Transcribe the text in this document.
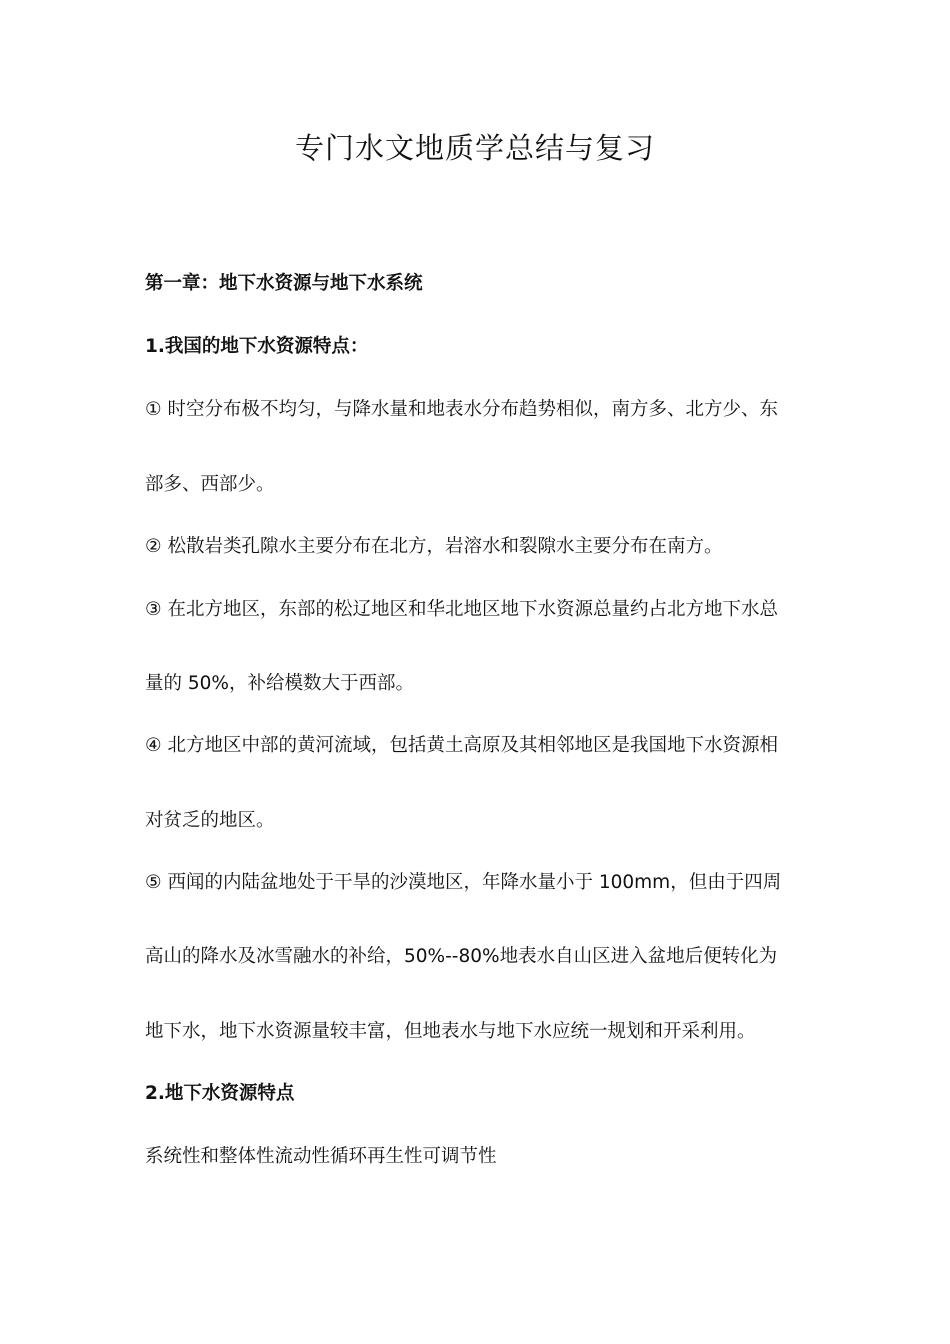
专门水文地质学总结与复习
第一章：地下水资源与地下水系统
1.我国的地下水资源特点：
① 时空分布极不均匀，与降水量和地表水分布趋势相似，南方多、北方少、东
部多、西部少。
② 松散岩类孔隙水主要分布在北方，岩溶水和裂隙水主要分布在南方。
③ 在北方地区，东部的松辽地区和华北地区地下水资源总量约占北方地下水总
量的 50%，补给模数大于西部。
④ 北方地区中部的黄河流域，包括黄土高原及其相邻地区是我国地下水资源相
对贫乏的地区。
⑤ 西闻的内陆盆地处于干旱的沙漠地区，年降水量小于 100mm，但由于四周
高山的降水及冰雪融水的补给，50%--80%地表水自山区进入盆地后便转化为
地下水，地下水资源量较丰富，但地表水与地下水应统一规划和开采利用。
2.地下水资源特点
系统性和整体性流动性循环再生性可调节性
